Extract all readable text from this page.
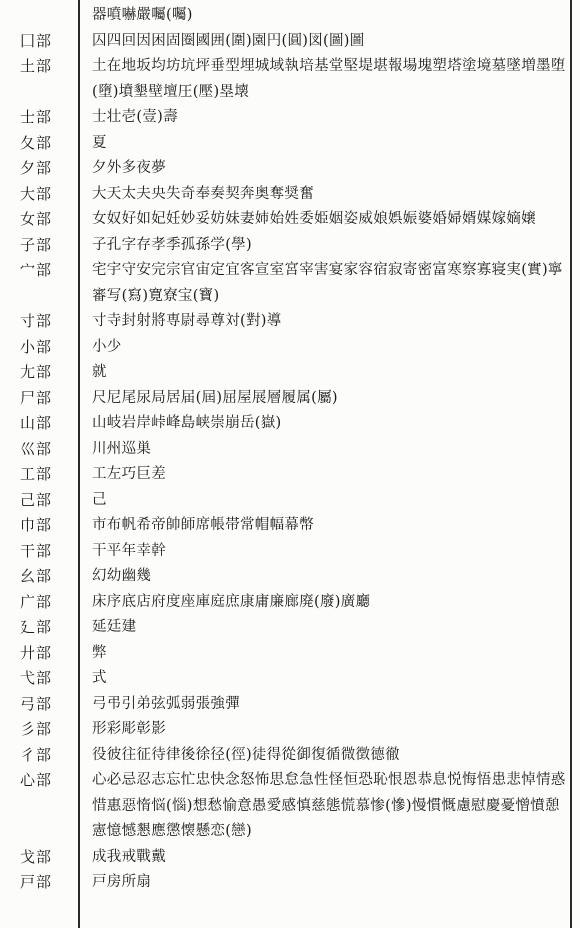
器噴嚇嚴囑(囑)
囗部	囚四回因困固圈國囲(圍)園円(圓)図(圖)圖
土部	土在地坂均坊坑坪垂型埋城域執培基堂堅堤堪報場塊塑塔塗境墓墜増墨堕(墮)墳墾壁壇圧(壓)塁壊
士部	士壮壱(壹)壽
夂部	夏
夕部	夕外多夜夢
大部	大天太夫央失奇奉奏契奔奥奪奨奮
女部	女奴好如妃妊妙妥妨妹妻姉始姓委姫姻姿威娘娯娠婆婚婦婿媒嫁嫡嬢
子部	子孔字存孝季孤孫学(學)
宀部	宅宇守安完宗官宙定宜客宣室宮宰害宴家容宿寂寄密富寒察寡寝実(實)寧審写(寫)寛寮宝(寶)
寸部	寸寺封射將専尉尋尊対(對)導
小部	小少
尢部	就
尸部	尺尼尾尿局居届(屆)屈屋展層履属(屬)
山部	山岐岩岸峠峰島峡崇崩岳(嶽)
巛部	川州巡巣
工部	工左巧巨差
己部	己
巾部	市布帆希帝帥師席帳帯常帽幅幕幣
干部	干平年幸幹
幺部	幻幼幽幾
广部	床序底店府度座庫庭庶康庸廉廊廃(廢)廣廳
廴部	延廷建
廾部	弊
弋部	式
弓部	弓弔引弟弦弧弱張強彈
彡部	形彩彫彰影
彳部	役彼往征待律後徐径(徑)徒得從御復循微徴德徹
心部	心必忌忍志忘忙忠快念怒怖思怠急性怪恒恐恥恨恩恭息悦悔悟患悲悼情惑惜惠惡惰悩(惱)想愁愉意愚愛感慎慈態慌慕惨(慘)慢慣慨慮慰慶憂憎憤憩憲憶憾懇應懲懐懸恋(戀)
戈部	成我戒戰戴
戸部	戸房所扇
